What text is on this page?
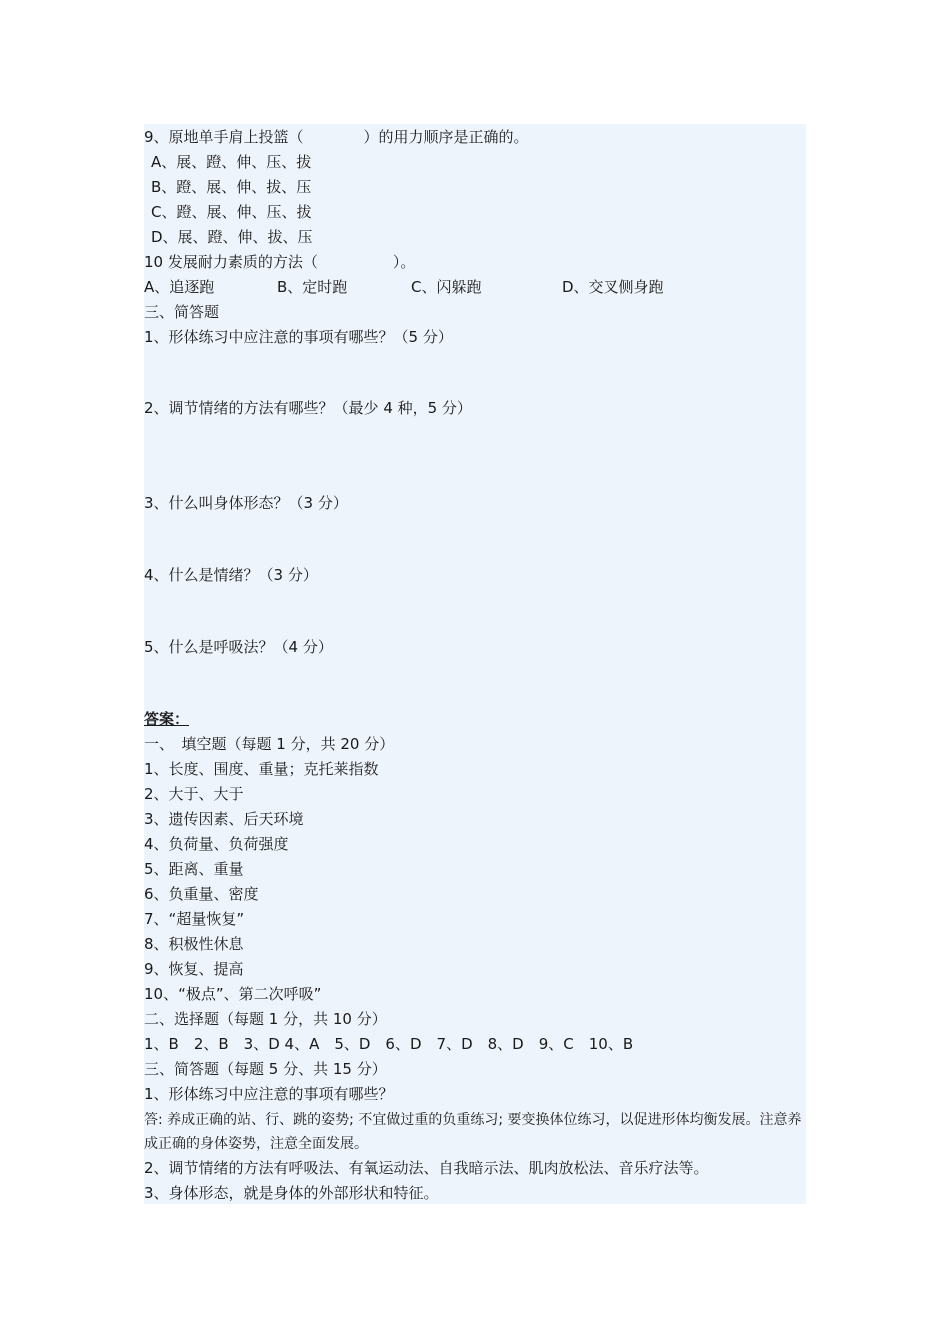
9、原地单手肩上投篮（　　　　）的用力顺序是正确的。
A、展、蹬、伸、压、拔
B、蹬、展、伸、拔、压
C、蹬、展、伸、压、拔
D、展、蹬、伸、拔、压
10 发展耐力素质的方法（　　　　　）。
A、追逐跑	B、定时跑	C、闪躲跑	D、交叉侧身跑
三、简答题
1、形体练习中应注意的事项有哪些？（5 分）
2、调节情绪的方法有哪些？（最少 4 种，5 分）
3、什么叫身体形态？（3 分）
4、什么是情绪？（3 分）
5、什么是呼吸法？（4 分）
答案：
一、　填空题（每题 1 分，共 20 分）
1、长度、围度、重量；克托莱指数
2、大于、大于
3、遗传因素、后天环境
4、负荷量、负荷强度
5、距离、重量
6、负重量、密度
7、“超量恢复”
8、积极性休息
9、恢复、提高
10、“极点”、第二次呼吸”
二、选择题（每题 1 分，共 10 分）
1、B　2、B　3、D 4、A　5、D　6、D　7、D　8、D　9、C　10、B
三、简答题（每题 5 分、共 15 分）
1、形体练习中应注意的事项有哪些？
答: 养成正确的站、行、跳的姿势; 不宜做过重的负重练习; 要变换体位练习，以促进形体均衡发展。注意养成正确的身体姿势，注意全面发展。
2、调节情绪的方法有呼吸法、有氧运动法、自我暗示法、肌肉放松法、音乐疗法等。
3、身体形态，就是身体的外部形状和特征。
